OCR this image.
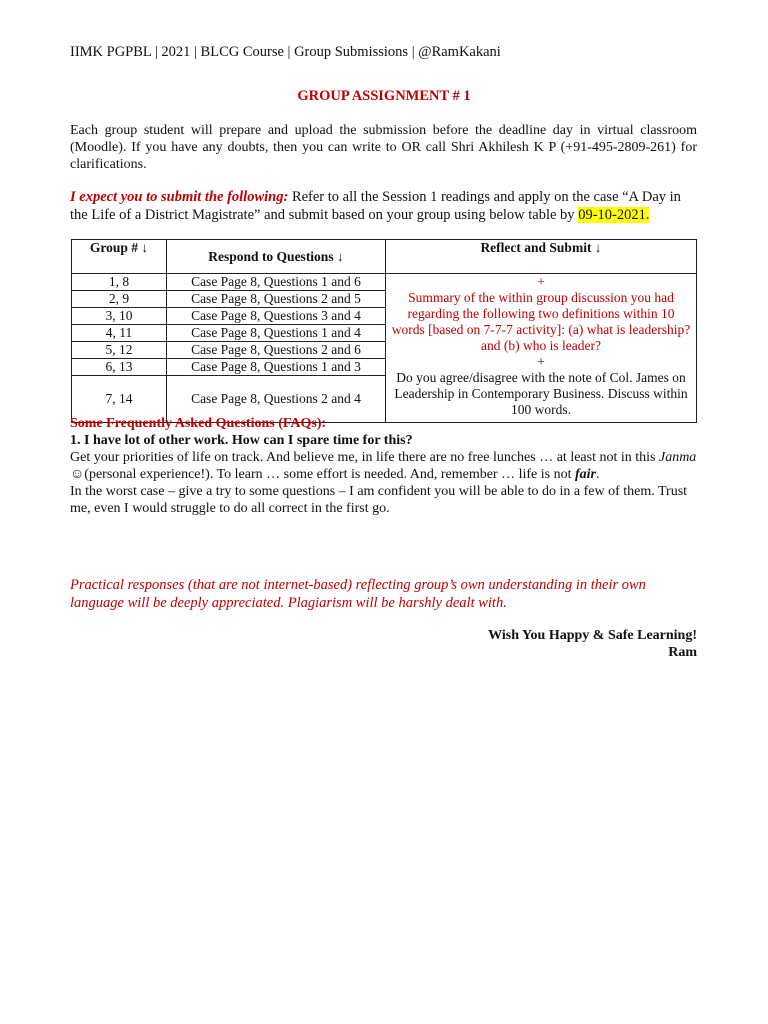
IIMK PGPBL | 2021 | BLCG Course | Group Submissions | @RamKakani
GROUP ASSIGNMENT # 1
Each group student will prepare and upload the submission before the deadline day in virtual classroom (Moodle). If you have any doubts, then you can write to OR call Shri Akhilesh K P (+91-495-2809-261) for clarifications.
I expect you to submit the following: Refer to all the Session 1 readings and apply on the case “A Day in the Life of a District Magistrate” and submit based on your group using below table by 09-10-2021.
Group # ↓	Respond to Questions ↓	Reflect and Submit ↓
1, 8	Case Page 8, Questions 1 and 6	+
Summary of the within group discussion you had regarding the following two definitions within 10 words [based on 7-7-7 activity]: (a) what is leadership? and (b) who is leader?
+
Do you agree/disagree with the note of Col. James on Leadership in Contemporary Business. Discuss within 100 words.

2, 9	Case Page 8, Questions 2 and 5	
3, 10	Case Page 8, Questions 3 and 4	
4, 11	Case Page 8, Questions 1 and 4	
5, 12	Case Page 8, Questions 2 and 6	
6, 13	Case Page 8, Questions 1 and 3	
7, 14	Case Page 8, Questions 2 and 4	

Some Frequently Asked Questions (FAQs):

1. I have lot of other work. How can I spare time for this?

Get your priorities of life on track. And believe me, in life there are no free lunches … at least not in this Janma ☺(personal experience!). To learn … some effort is needed. And, remember … life is not fair.

In the worst case – give a try to some questions – I am confident you will be able to do in a few of them. Trust me, even I would struggle to do all correct in the first go.

Practical responses (that are not internet-based) reflecting group’s own understanding in their own language will be deeply appreciated. Plagiarism will be harshly dealt with.
Wish You Happy & Safe Learning!
Ram
